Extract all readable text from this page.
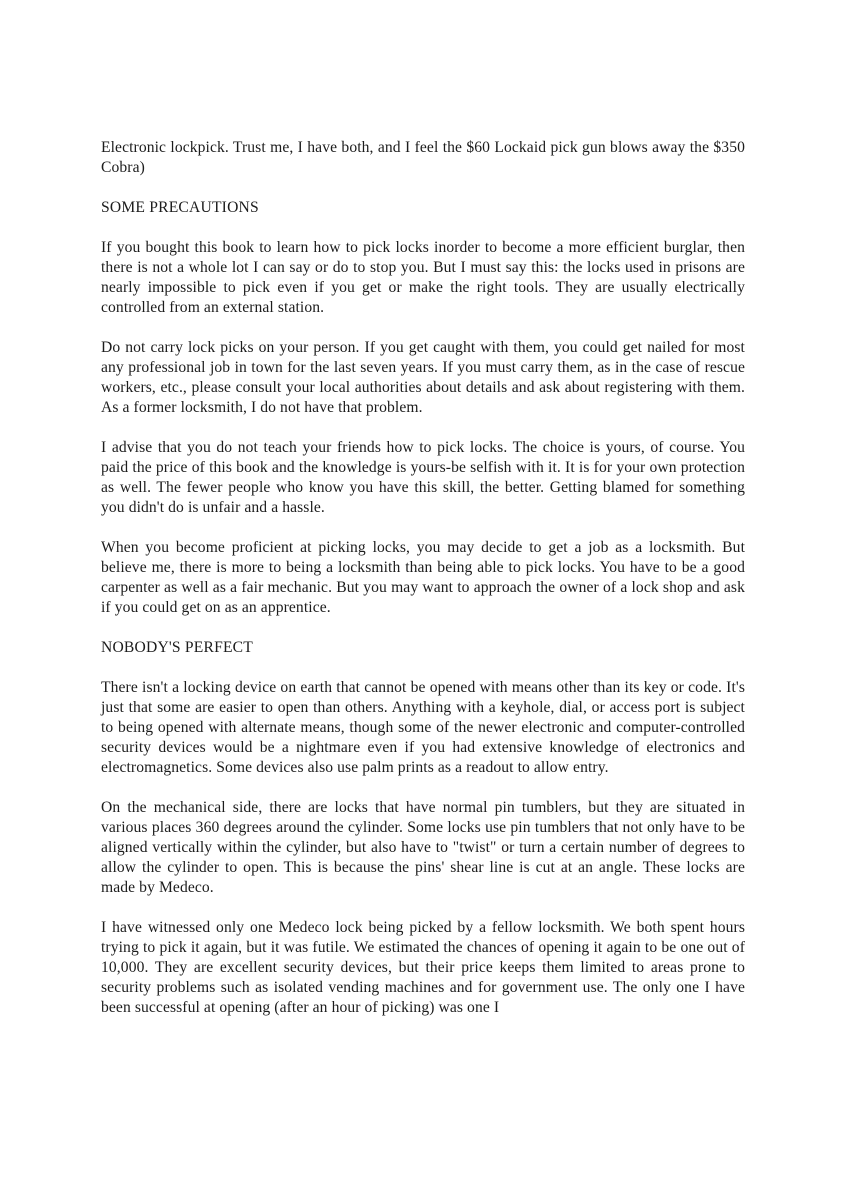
Electronic lockpick. Trust me, I have both, and I feel the $60 Lockaid pick gun blows away the $350 Cobra)

SOME PRECAUTIONS

If you bought this book to learn how to pick locks inorder to become a more efficient burglar, then there is not a whole lot I can say or do to stop you. But I must say this: the locks used in prisons are nearly impossible to pick even if you get or make the right tools. They are usually electrically controlled from an external station.

Do not carry lock picks on your person. If you get caught with them, you could get nailed for most any professional job in town for the last seven years. If you must carry them, as in the case of rescue workers, etc., please consult your local authorities about details and ask about registering with them. As a former locksmith, I do not have that problem.

I advise that you do not teach your friends how to pick locks. The choice is yours, of course. You paid the price of this book and the knowledge is yours-be selfish with it. It is for your own protection as well. The fewer people who know you have this skill, the better. Getting blamed for something you didn't do is unfair and a hassle.

When you become proficient at picking locks, you may decide to get a job as a locksmith. But believe me, there is more to being a locksmith than being able to pick locks. You have to be a good carpenter as well as a fair mechanic. But you may want to approach the owner of a lock shop and ask if you could get on as an apprentice.

NOBODY'S PERFECT

There isn't a locking device on earth that cannot be opened with means other than its key or code. It's just that some are easier to open than others. Anything with a keyhole, dial, or access port is subject to being opened with alternate means, though some of the newer electronic and computer-controlled security devices would be a nightmare even if you had extensive knowledge of electronics and electromagnetics. Some devices also use palm prints as a readout to allow entry.

On the mechanical side, there are locks that have normal pin tumblers, but they are situated in various places 360 degrees around the cylinder. Some locks use pin tumblers that not only have to be aligned vertically within the cylinder, but also have to "twist" or turn a certain number of degrees to allow the cylinder to open. This is because the pins' shear line is cut at an angle. These locks are made by Medeco.

I have witnessed only one Medeco lock being picked by a fellow locksmith. We both spent hours trying to pick it again, but it was futile. We estimated the chances of opening it again to be one out of 10,000. They are excellent security devices, but their price keeps them limited to areas prone to security problems such as isolated vending machines and for government use. The only one I have been successful at opening (after an hour of picking) was one I
